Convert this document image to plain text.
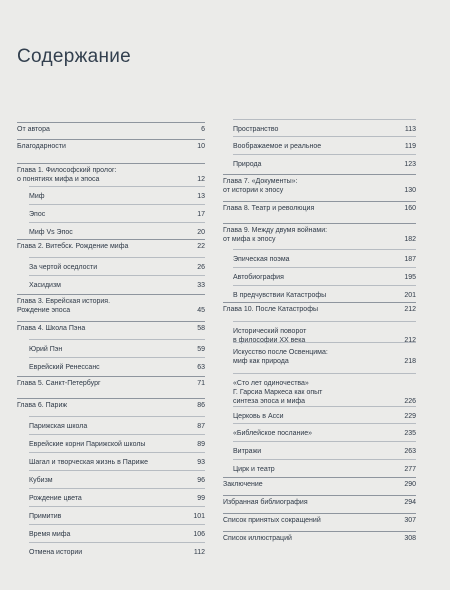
Содержание
От автора	6
Благодарности	10
Глава 1. Философский пролог:
о понятиях мифа и эпоса	12
Миф	13
Эпос	17
Миф Vs Эпос	20
Глава 2. Витебск. Рождение мифа	22
За чертой оседлости	26
Хасидизм	33
Глава 3. Еврейская история.
Рождение эпоса	45
Глава 4. Школа Пэна	58
Юрий Пэн	59
Еврейский Ренессанс	63
Глава 5. Санкт-Петербург	71
Глава 6. Париж	86
Парижская школа	87
Еврейские корни Парижской школы	89
Шагал и творческая жизнь в Париже	93
Кубизм	96
Рождение цвета	99
Примитив	101
Время мифа	106
Отмена истории	112
Пространство	113
Воображаемое и реальное	119
Природа	123
Глава 7. «Документы»:
от истории к эпосу	130
Глава 8. Театр и революция	160
Глава 9. Между двумя войнами:
от мифа к эпосу	182
Эпическая поэма	187
Автобиография	195
В предчувствии Катастрофы	201
Глава 10. После Катастрофы	212
Исторический поворот
в философии XX века	212
Искусство после Освенцима:
миф как природа	218
«Сто лет одиночества»
Г. Гарсиа Маркеса как опыт
синтеза эпоса и мифа	226
Церковь в Асси	229
«Библейское послание»	235
Витражи	263
Цирк и театр	277
Заключение	290
Избранная библиография	294
Список принятых сокращений	307
Список иллюстраций	308
